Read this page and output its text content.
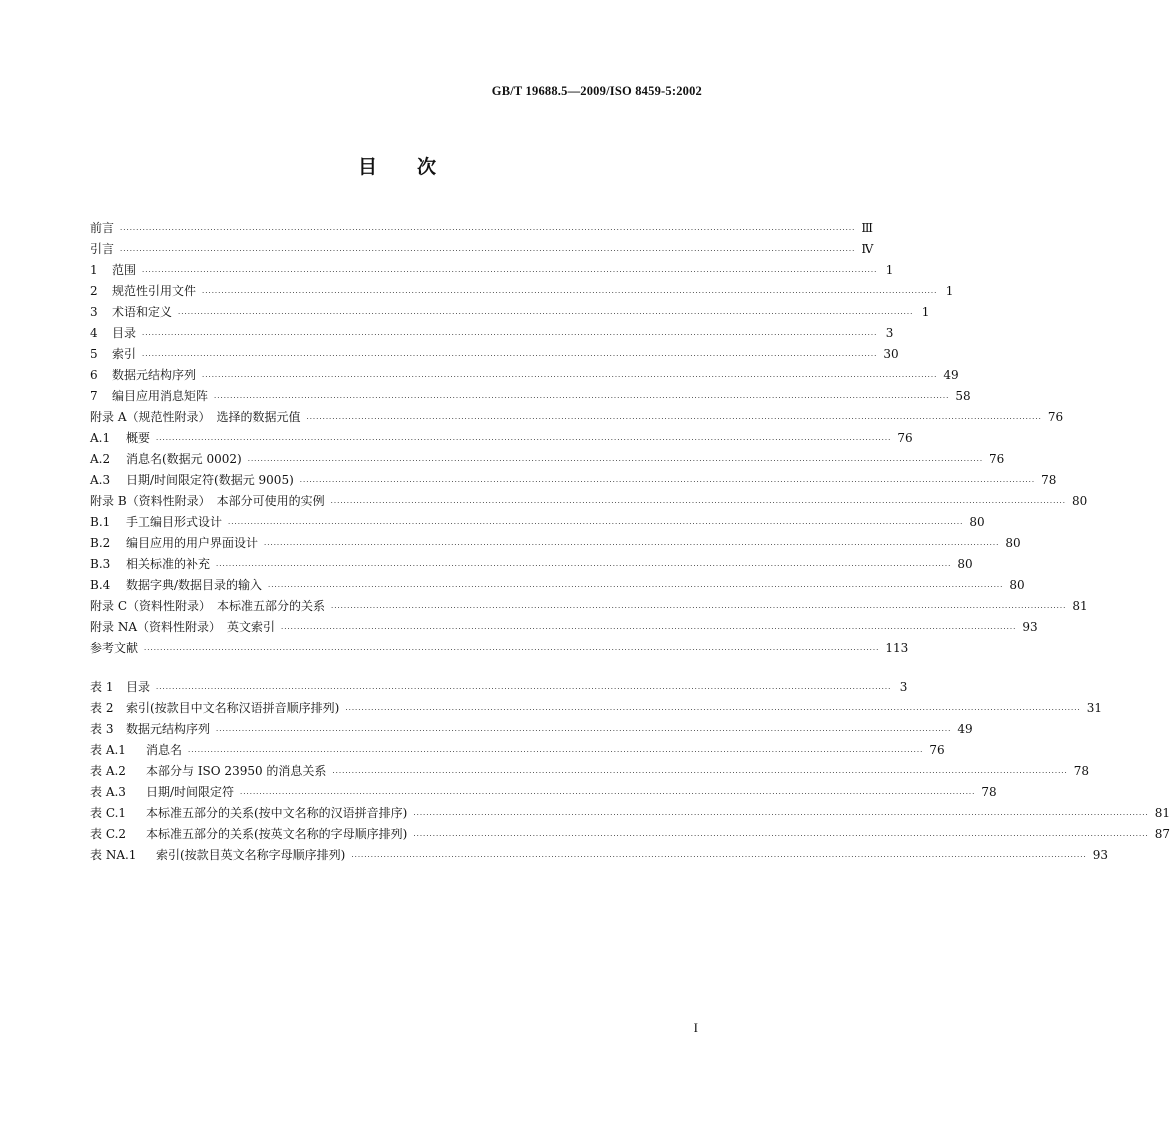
GB/T 19688.5—2009/ISO 8459-5:2002
目次
前言 ·····	Ⅲ
引言 ·····	Ⅳ
1	范围 ·····	1
2	规范性引用文件 ·····	1
3	术语和定义 ·····	1
4	目录 ·····	3
5	索引 ·····	30
6	数据元结构序列 ·····	49
7	编目应用消息矩阵 ·····	58
附录 A（规范性附录）　选择的数据元值 ·····	76
A.1	概要 ·····	76
A.2	消息名(数据元 0002) ·····	76
A.3	日期/时间限定符(数据元 9005) ·····	78
附录 B（资料性附录）　本部分可使用的实例 ·····	80
B.1	手工编目形式设计 ·····	80
B.2	编目应用的用户界面设计 ·····	80
B.3	相关标准的补充 ·····	80
B.4	数据字典/数据目录的输入 ·····	80
附录 C（资料性附录）　本标准五部分的关系 ·····	81
附录 NA（资料性附录）　英文索引 ·····	93
参考文献 ·····	113
表 1	目录 ·····	3
表 2	索引(按款目中文名称汉语拼音顺序排列) ·····	31
表 3	数据元结构序列 ·····	49
表 A.1	消息名 ·····	76
表 A.2	本部分与 ISO 23950 的消息关系 ·····	78
表 A.3	日期/时间限定符 ·····	78
表 C.1	本标准五部分的关系(按中文名称的汉语拼音排序) ·····	81
表 C.2	本标准五部分的关系(按英文名称的字母顺序排列) ·····	87
表 NA.1	索引(按款目英文名称字母顺序排列) ·····	93
I
